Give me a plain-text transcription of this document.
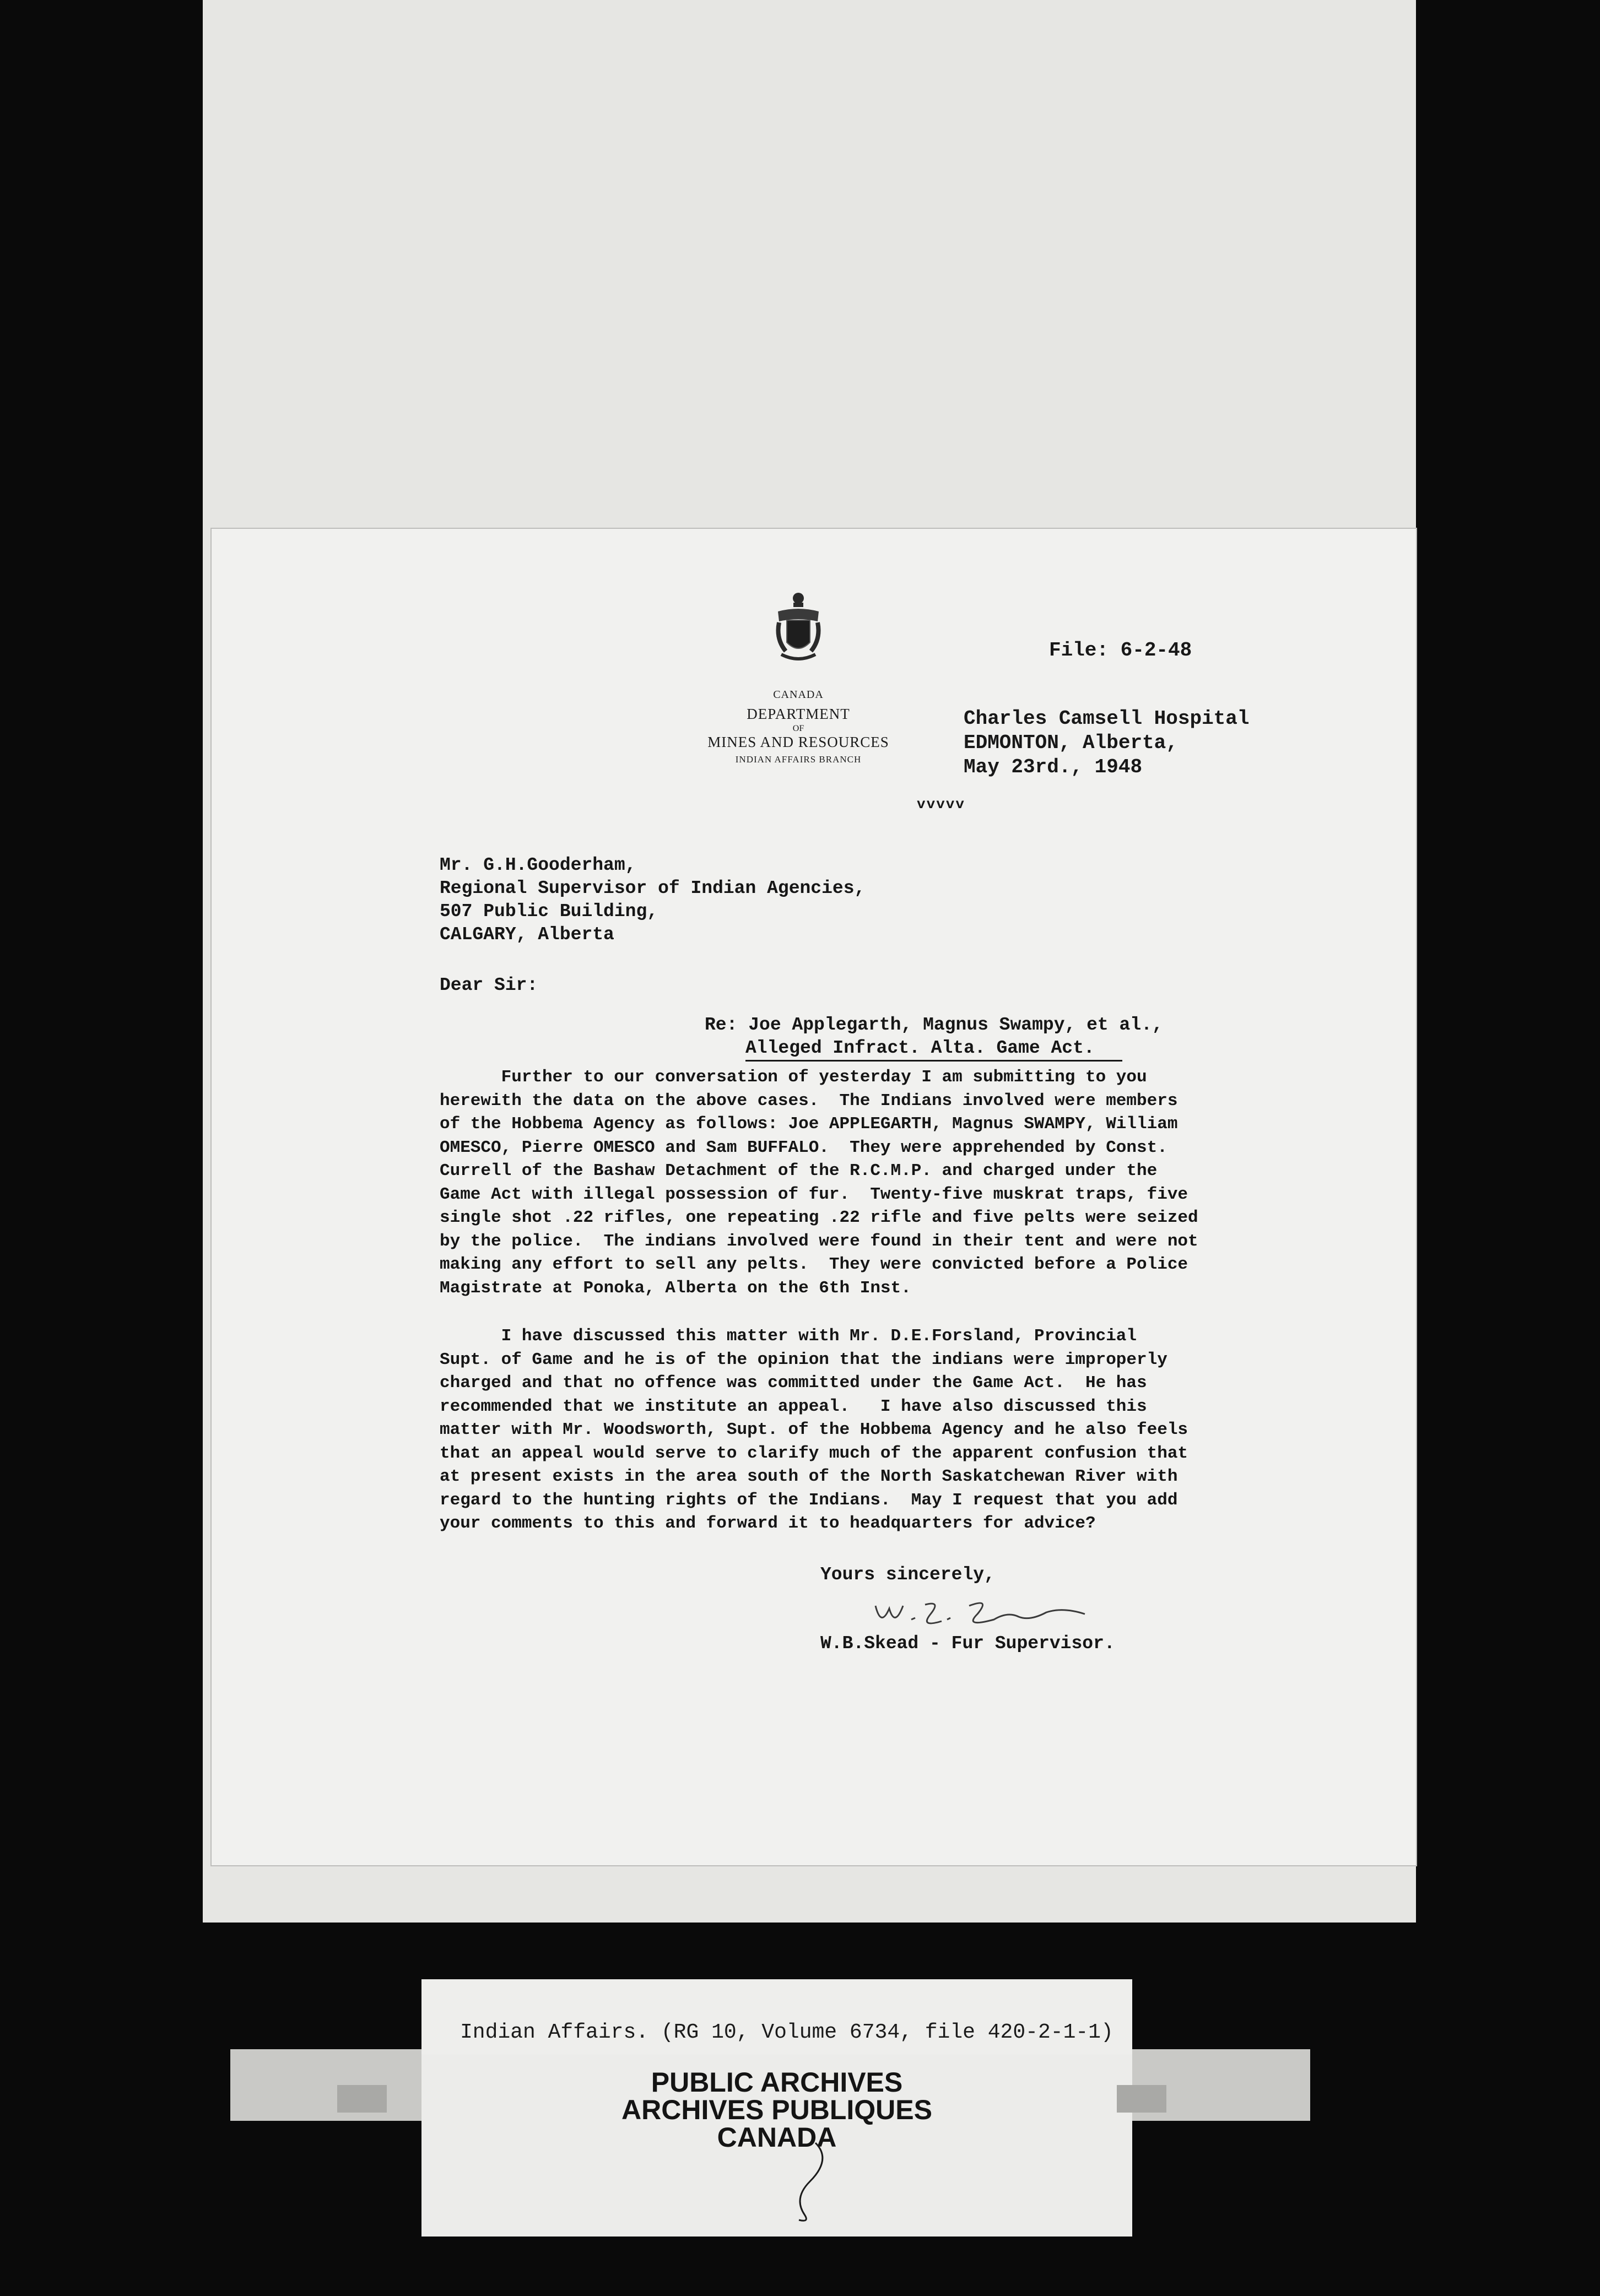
CANADA
DEPARTMENT
OF
MINES AND RESOURCES
INDIAN AFFAIRS BRANCH
File: 6-2-48
Charles Camsell Hospital
EDMONTON, Alberta,
May 23rd., 1948
vvvvv
Mr. G.H.Gooderham,
Regional Supervisor of Indian Agencies,
507 Public Building,
CALGARY, Alberta
Dear Sir:
Re: Joe Applegarth, Magnus Swampy, et al.,
Alleged Infract. Alta. Game Act.
Further to our conversation of yesterday I am submitting to you
herewith the data on the above cases.  The Indians involved were members
of the Hobbema Agency as follows: Joe APPLEGARTH, Magnus SWAMPY, William
OMESCO, Pierre OMESCO and Sam BUFFALO.  They were apprehended by Const.
Currell of the Bashaw Detachment of the R.C.M.P. and charged under the
Game Act with illegal possession of fur.  Twenty-five muskrat traps, five
single shot .22 rifles, one repeating .22 rifle and five pelts were seized
by the police.  The indians involved were found in their tent and were not
making any effort to sell any pelts.  They were convicted before a Police
Magistrate at Ponoka, Alberta on the 6th Inst.
I have discussed this matter with Mr. D.E.Forsland, Provincial
Supt. of Game and he is of the opinion that the indians were improperly
charged and that no offence was committed under the Game Act.  He has
recommended that we institute an appeal.   I have also discussed this
matter with Mr. Woodsworth, Supt. of the Hobbema Agency and he also feels
that an appeal would serve to clarify much of the apparent confusion that
at present exists in the area south of the North Saskatchewan River with
regard to the hunting rights of the Indians.  May I request that you add
your comments to this and forward it to headquarters for advice?
Yours sincerely,
W.B.Skead - Fur Supervisor.
Indian Affairs. (RG 10, Volume 6734, file 420-2-1-1)
PUBLIC ARCHIVES
ARCHIVES PUBLIQUES
CANADA
